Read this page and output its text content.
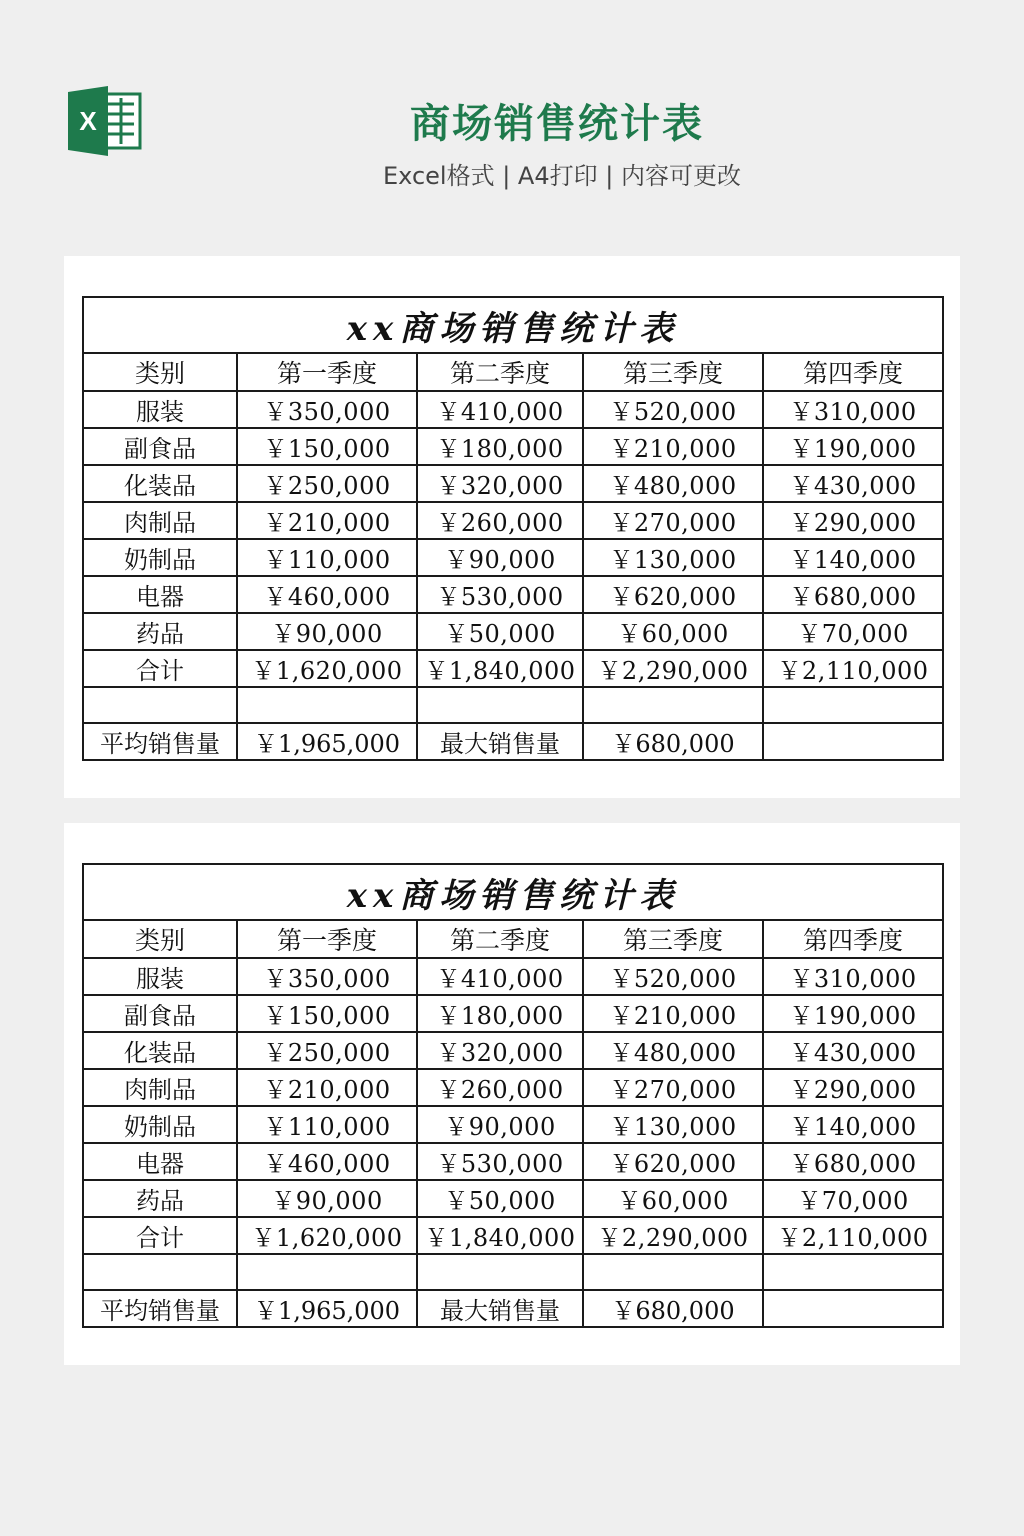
X	商场销售统计表
Excel格式 | A4打印 | 内容可更改
xx商场销售统计表				
类别	第一季度	第二季度	第三季度	第四季度
服装	￥350,000	￥410,000	￥520,000	￥310,000
副食品	￥150,000	￥180,000	￥210,000	￥190,000
化装品	￥250,000	￥320,000	￥480,000	￥430,000
肉制品	￥210,000	￥260,000	￥270,000	￥290,000
奶制品	￥110,000	￥90,000	￥130,000	￥140,000
电器	￥460,000	￥530,000	￥620,000	￥680,000
药品	￥90,000	￥50,000	￥60,000	￥70,000
合计	￥1,620,000	￥1,840,000	￥2,290,000	￥2,110,000

平均销售量	￥1,965,000	最大销售量	￥680,000	
xx商场销售统计表				
类别	第一季度	第二季度	第三季度	第四季度
服装	￥350,000	￥410,000	￥520,000	￥310,000
副食品	￥150,000	￥180,000	￥210,000	￥190,000
化装品	￥250,000	￥320,000	￥480,000	￥430,000
肉制品	￥210,000	￥260,000	￥270,000	￥290,000
奶制品	￥110,000	￥90,000	￥130,000	￥140,000
电器	￥460,000	￥530,000	￥620,000	￥680,000
药品	￥90,000	￥50,000	￥60,000	￥70,000
合计	￥1,620,000	￥1,840,000	￥2,290,000	￥2,110,000

平均销售量	￥1,965,000	最大销售量	￥680,000	
